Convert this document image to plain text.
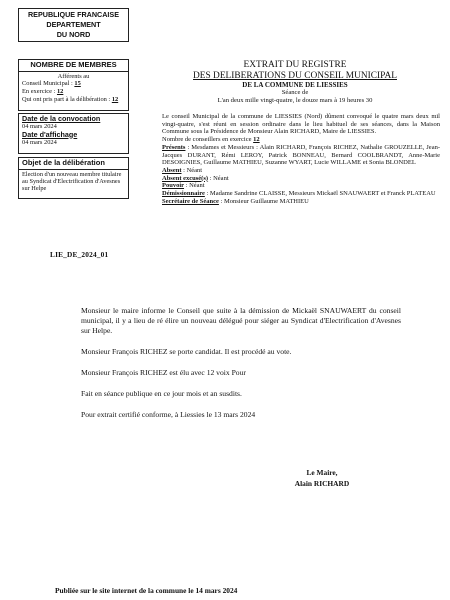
REPUBLIQUE FRANCAISE
DEPARTEMENT
DU NORD
NOMBRE DE MEMBRES
Afférents au
Conseil Municipal : 15
En exercice : 12
Qui ont pris part à la délibération : 12
Date de la convocation
04 mars 2024
Date d'affichage
04 mars 2024
Objet de la délibération
Election d'un nouveau membre titulaire au Syndicat d'Electrification d'Avesnes sur Helpe
LIE_DE_2024_01
EXTRAIT DU REGISTRE
DES DELIBERATIONS DU CONSEIL MUNICIPAL
DE LA COMMUNE DE LIESSIES
Séance de
L'an deux mille vingt-quatre, le douze mars à 19 heures 30

Le conseil Municipal de la commune de LIESSIES (Nord) dûment convoqué le quatre mars deux mil vingt-quatre, s'est réuni en session ordinaire dans le lieu habituel de ses séances, dans la Maison Commune sous la Présidence de Monsieur Alain RICHARD, Maire de LIESSIES.

Nombre de conseillers en exercice 12

Présents : Mesdames et Messieurs : Alain RICHARD, François RICHEZ, Nathalie GROUZELLE, Jean-Jacques DURANT, Rémi LEROY, Patrick BONNEAU, Bernard COOLBRANDT, Anne-Marie DESOIGNIES, Guillaume MATHIEU, Suzanne WYART, Lucie WILLAME et Sonia BLONDEL

Absent : Néant

Absent excusé(s) : Néant

Pouvoir : Néant

Démissionnaire : Madame Sandrine CLAISSE, Messieurs Mickaël SNAUWAERT et Franck PLATEAU

Secrétaire de Séance : Monsieur Guillaume MATHIEU

Monsieur le maire informe le Conseil que suite à la démission de Mickaël SNAUWAERT du conseil municipal, il y a lieu de ré élire un nouveau délégué pour siéger au Syndicat d'Electrification d'Avesnes sur Helpe.

Monsieur François RICHEZ se porte candidat. Il est procédé au vote.

Monsieur François RICHEZ est élu avec 12 voix Pour

Fait en séance publique en ce jour mois et an susdits.

Pour extrait certifié conforme, à Liessies le 13 mars 2024

Le Maire,
Alain RICHARD
Publiée sur le site internet de la commune le 14 mars 2024
